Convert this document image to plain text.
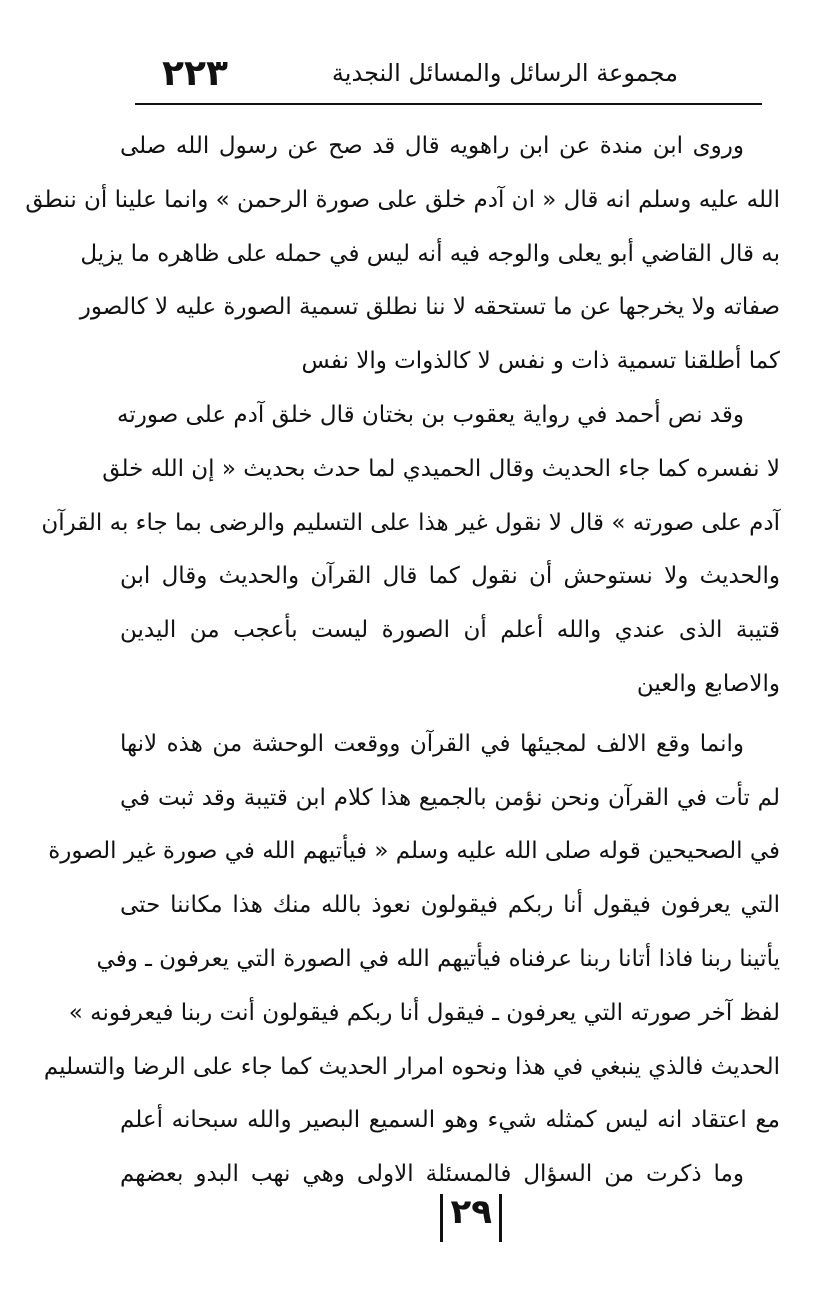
مجموعة الرسائل والمسائل النجدية
٢٢٣
وروى ابن مندة عن ابن راهويه قال قد صح عن رسول الله صلى
الله عليه وسلم انه قال « ان آدم خلق على صورة الرحمن » وانما علينا أن ننطق
به قال القاضي أبو يعلى والوجه فيه أنه ليس في حمله على ظاهره ما يزيل
صفاته ولا يخرجها عن ما تستحقه لا ننا نطلق تسمية الصورة عليه لا كالصور
كما أطلقنا تسمية ذات و نفس لا كالذوات والا نفس
وقد نص أحمد في رواية يعقوب بن بختان قال خلق آدم على صورته
لا نفسره كما جاء الحديث وقال الحميدي لما حدث بحديث « إن الله خلق
آدم على صورته » قال لا نقول غير هذا على التسليم والرضى بما جاء به القرآن
والحديث ولا نستوحش أن نقول كما قال القرآن والحديث وقال ابن
قتيبة الذى عندي والله أعلم أن الصورة ليست بأعجب من اليدين
والاصابع والعين
وانما وقع الالف لمجيئها في القرآن ووقعت الوحشة من هذه لانها
لم تأت في القرآن ونحن نؤمن بالجميع هذا كلام ابن قتيبة وقد ثبت في
في الصحيحين قوله صلى الله عليه وسلم « فيأتيهم الله في صورة غير الصورة
التي يعرفون فيقول أنا ربكم فيقولون نعوذ بالله منك هذا مكاننا حتى
يأتينا ربنا فاذا أتانا ربنا عرفناه فيأتيهم الله في الصورة التي يعرفون ـ وفي
لفظ آخر صورته التي يعرفون ـ فيقول أنا ربكم فيقولون أنت ربنا فيعرفونه »
الحديث فالذي ينبغي في هذا ونحوه امرار الحديث كما جاء على الرضا والتسليم
مع اعتقاد انه ليس كمثله شيء وهو السميع البصير والله سبحانه أعلم
وما ذكرت من السؤال فالمسئلة الاولى وهي نهب البدو بعضهم
٢٩
